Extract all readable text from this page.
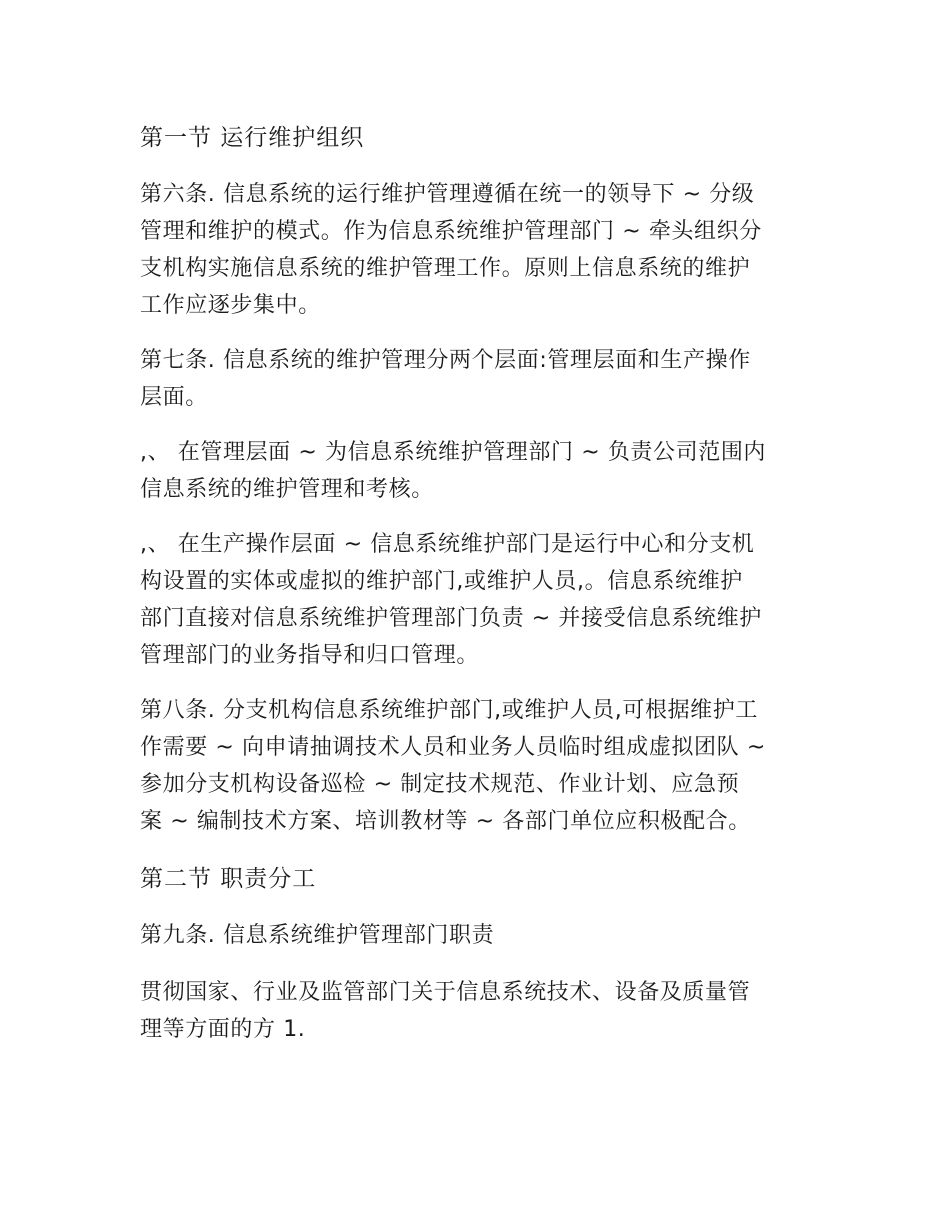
第一节 运行维护组织
第六条. 信息系统的运行维护管理遵循在统一的领导下 ~ 分级
管理和维护的模式。作为信息系统维护管理部门 ~ 牵头组织分
支机构实施信息系统的维护管理工作。原则上信息系统的维护
工作应逐步集中。
第七条. 信息系统的维护管理分两个层面:管理层面和生产操作
层面。
,、 在管理层面 ~ 为信息系统维护管理部门 ~ 负责公司范围内
信息系统的维护管理和考核。
,、 在生产操作层面 ~ 信息系统维护部门是运行中心和分支机
构设置的实体或虚拟的维护部门,或维护人员,。信息系统维护
部门直接对信息系统维护管理部门负责 ~ 并接受信息系统维护
管理部门的业务指导和归口管理。
第八条. 分支机构信息系统维护部门,或维护人员,可根据维护工
作需要 ~ 向申请抽调技术人员和业务人员临时组成虚拟团队 ~
参加分支机构设备巡检 ~ 制定技术规范、作业计划、应急预
案 ~ 编制技术方案、培训教材等 ~ 各部门单位应积极配合。
第二节 职责分工
第九条. 信息系统维护管理部门职责
贯彻国家、行业及监管部门关于信息系统技术、设备及质量管
理等方面的方 1.
